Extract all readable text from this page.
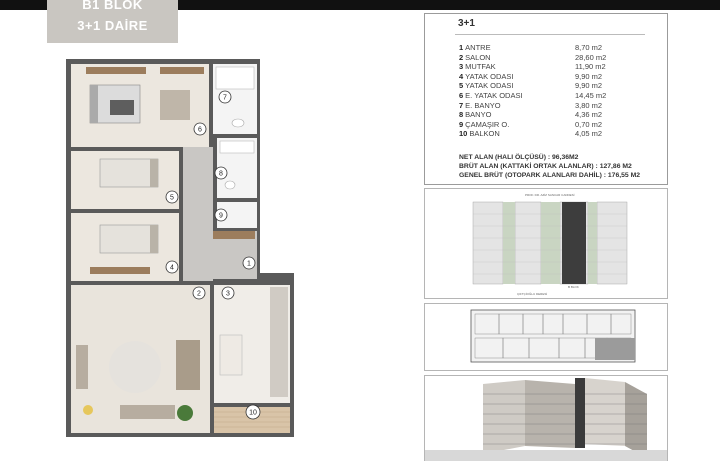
B1 BLOK
3+1 DAİRE
1
2	3
4
5
6
7
8
9
10
3+1
1 ANTRE	8,70 m2
2 SALON	28,60 m2
3 MUTFAK	11,90 m2
4 YATAK ODASI	9,90 m2
5 YATAK ODASI	9,90 m2
6 E. YATAK ODASI	14,45 m2
7 E. BANYO	3,80 m2
8 BANYO	4,36 m2
9 ÇAMAŞIR O.	0,70 m2
10 BALKON	4,05 m2
NET ALAN (HALI ÖLÇÜSÜ) : 96,36M2
BRÜT ALAN (KATTAKİ ORTAK ALANLAR) : 127,86 M2
GENEL BRÜT (OTOPARK ALANLARI DAHİL) : 176,55 M2
PROF. DR. AZİZ SANCAR CADDESİ
B BLOK
ÇIFTÇİOĞLU DERESİ
